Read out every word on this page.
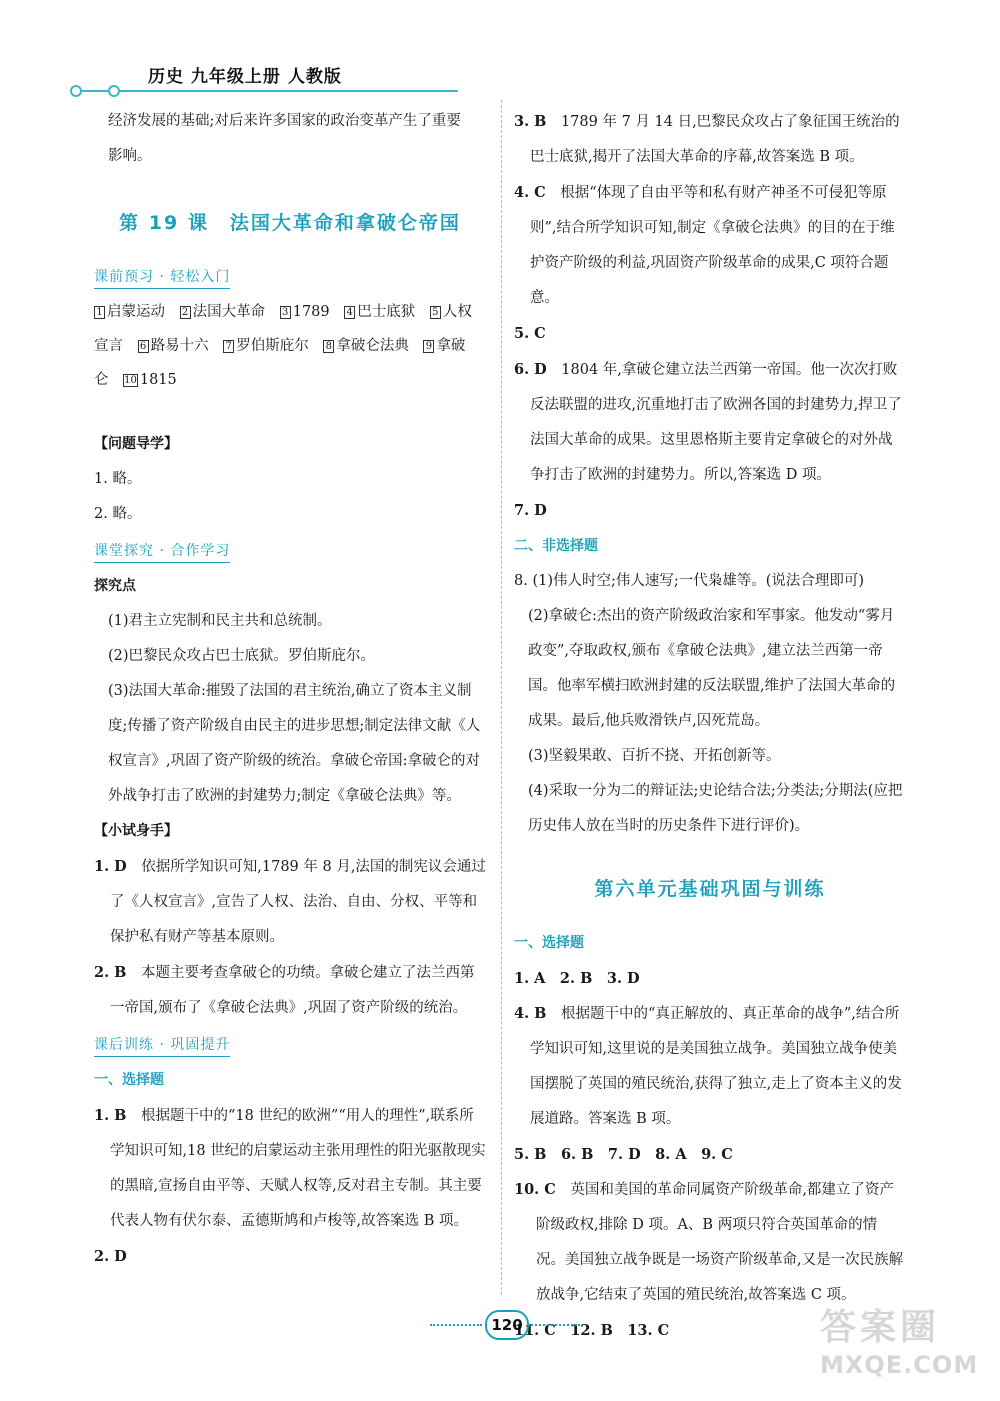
历史 九年级上册 人教版

经济发展的基础;对后来许多国家的政治变革产生了重要

影响。

第 19 课　法国大革命和拿破仑帝国
课前预习 · 轻松入门

1 启蒙运动 2 法国大革命 3 1789 4 巴士底狱 5 人权宣言 6 路易十六 7 罗伯斯庇尔 8 拿破仑法典 9 拿破仑 10 1815

【问题导学】

1. 略。

2. 略。

课堂探究 · 合作学习
探究点

(1)君主立宪制和民主共和总统制。

(2)巴黎民众攻占巴士底狱。罗伯斯庇尔。

(3)法国大革命:摧毁了法国的君主统治,确立了资本主义制度;传播了资产阶级自由民主的进步思想;制定法律文献《人权宣言》,巩固了资产阶级的统治。拿破仑帝国:拿破仑的对外战争打击了欧洲的封建势力;制定《拿破仑法典》等。

【小试身手】

1. D　 依据所学知识可知,1789 年 8 月,法国的制宪议会通过了《人权宣言》,宣告了人权、法治、自由、分权、平等和保护私有财产等基本原则。

2. B　 本题主要考查拿破仑的功绩。拿破仑建立了法兰西第一帝国,颁布了《拿破仑法典》,巩固了资产阶级的统治。

课后训练 · 巩固提升
一、选择题

1. B　 根据题干中的“18 世纪的欧洲”“用人的理性”,联系所学知识可知,18 世纪的启蒙运动主张用理性的阳光驱散现实的黑暗,宣扬自由平等、天赋人权等,反对君主专制。其主要代表人物有伏尔泰、孟德斯鸠和卢梭等,故答案选 B 项。

2. D

3. B　 1789 年 7 月 14 日,巴黎民众攻占了象征国王统治的巴士底狱,揭开了法国大革命的序幕,故答案选 B 项。

4. C　 根据“体现了自由平等和私有财产神圣不可侵犯等原则”,结合所学知识可知,制定《拿破仑法典》的目的在于维护资产阶级的利益,巩固资产阶级革命的成果,C 项符合题意。

5. C

6. D　 1804 年,拿破仑建立法兰西第一帝国。他一次次打败反法联盟的进攻,沉重地打击了欧洲各国的封建势力,捍卫了法国大革命的成果。这里恩格斯主要肯定拿破仑的对外战争打击了欧洲的封建势力。所以,答案选 D 项。

7. D

二、非选择题

8. (1)伟人时空;伟人速写;一代枭雄等。(说法合理即可)

(2)拿破仑:杰出的资产阶级政治家和军事家。他发动“雾月政变”,夺取政权,颁布《拿破仑法典》,建立法兰西第一帝国。他率军横扫欧洲封建的反法联盟,维护了法国大革命的成果。最后,他兵败滑铁卢,囚死荒岛。

(3)坚毅果敢、百折不挠、开拓创新等。

(4)采取一分为二的辩证法;史论结合法;分类法;分期法(应把历史伟人放在当时的历史条件下进行评价)。

第六单元基础巩固与训练
一、选择题

1. A　2. B　3. D

4. B　 根据题干中的“真正解放的、真正革命的战争”,结合所学知识可知,这里说的是美国独立战争。美国独立战争使美国摆脱了英国的殖民统治,获得了独立,走上了资本主义的发展道路。答案选 B 项。

5. B　6. B　7. D　8. A　9. C

10. C　 英国和美国的革命同属资产阶级革命,都建立了资产阶级政权,排除 D 项。A、B 两项只符合英国革命的情况。美国独立战争既是一场资产阶级革命,又是一次民族解放战争,它结束了英国的殖民统治,故答案选 C 项。

11. C　12. B　13. C

120	答案圈
MXQE.COM
